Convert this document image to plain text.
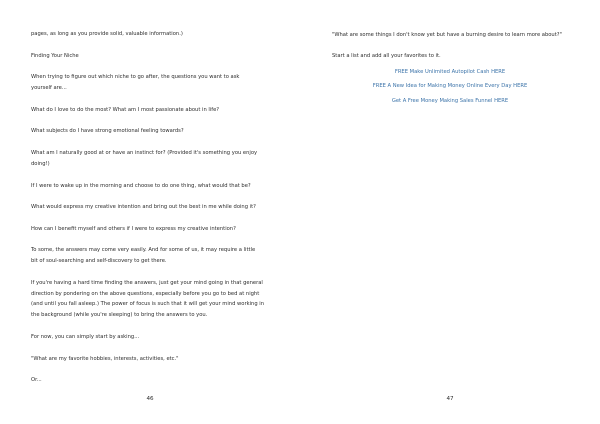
pages, as long as you provide solid, valuable information.)
Finding Your Niche
When trying to figure out which niche to go after, the questions you want to ask
yourself are...
What do I love to do the most? What am I most passionate about in life?
What subjects do I have strong emotional feeling towards?
What am I naturally good at or have an instinct for? (Provided it's something you enjoy
doing!)
If I were to wake up in the morning and choose to do one thing, what would that be?
What would express my creative intention and bring out the best in me while doing it?
How can I benefit myself and others if I were to express my creative intention?
To some, the answers may come very easily. And for some of us, it may require a little
bit of soul-searching and self-discovery to get there.
If you're having a hard time finding the answers, just get your mind going in that general
direction by pondering on the above questions, especially before you go to bed at night
(and until you fall asleep.) The power of focus is such that it will get your mind working in
the background (while you're sleeping) to bring the answers to you.
For now, you can simply start by asking...
"What are my favorite hobbies, interests, activities, etc."
Or...
46
"What are some things I don't know yet but have a burning desire to learn more about?"
Start a list and add all your favorites to it.
FREE Make Unlimited Autopilot Cash HERE
FREE A New Idea for Making Money Online Every Day HERE
Get A Free Money Making Sales Funnel HERE
47
